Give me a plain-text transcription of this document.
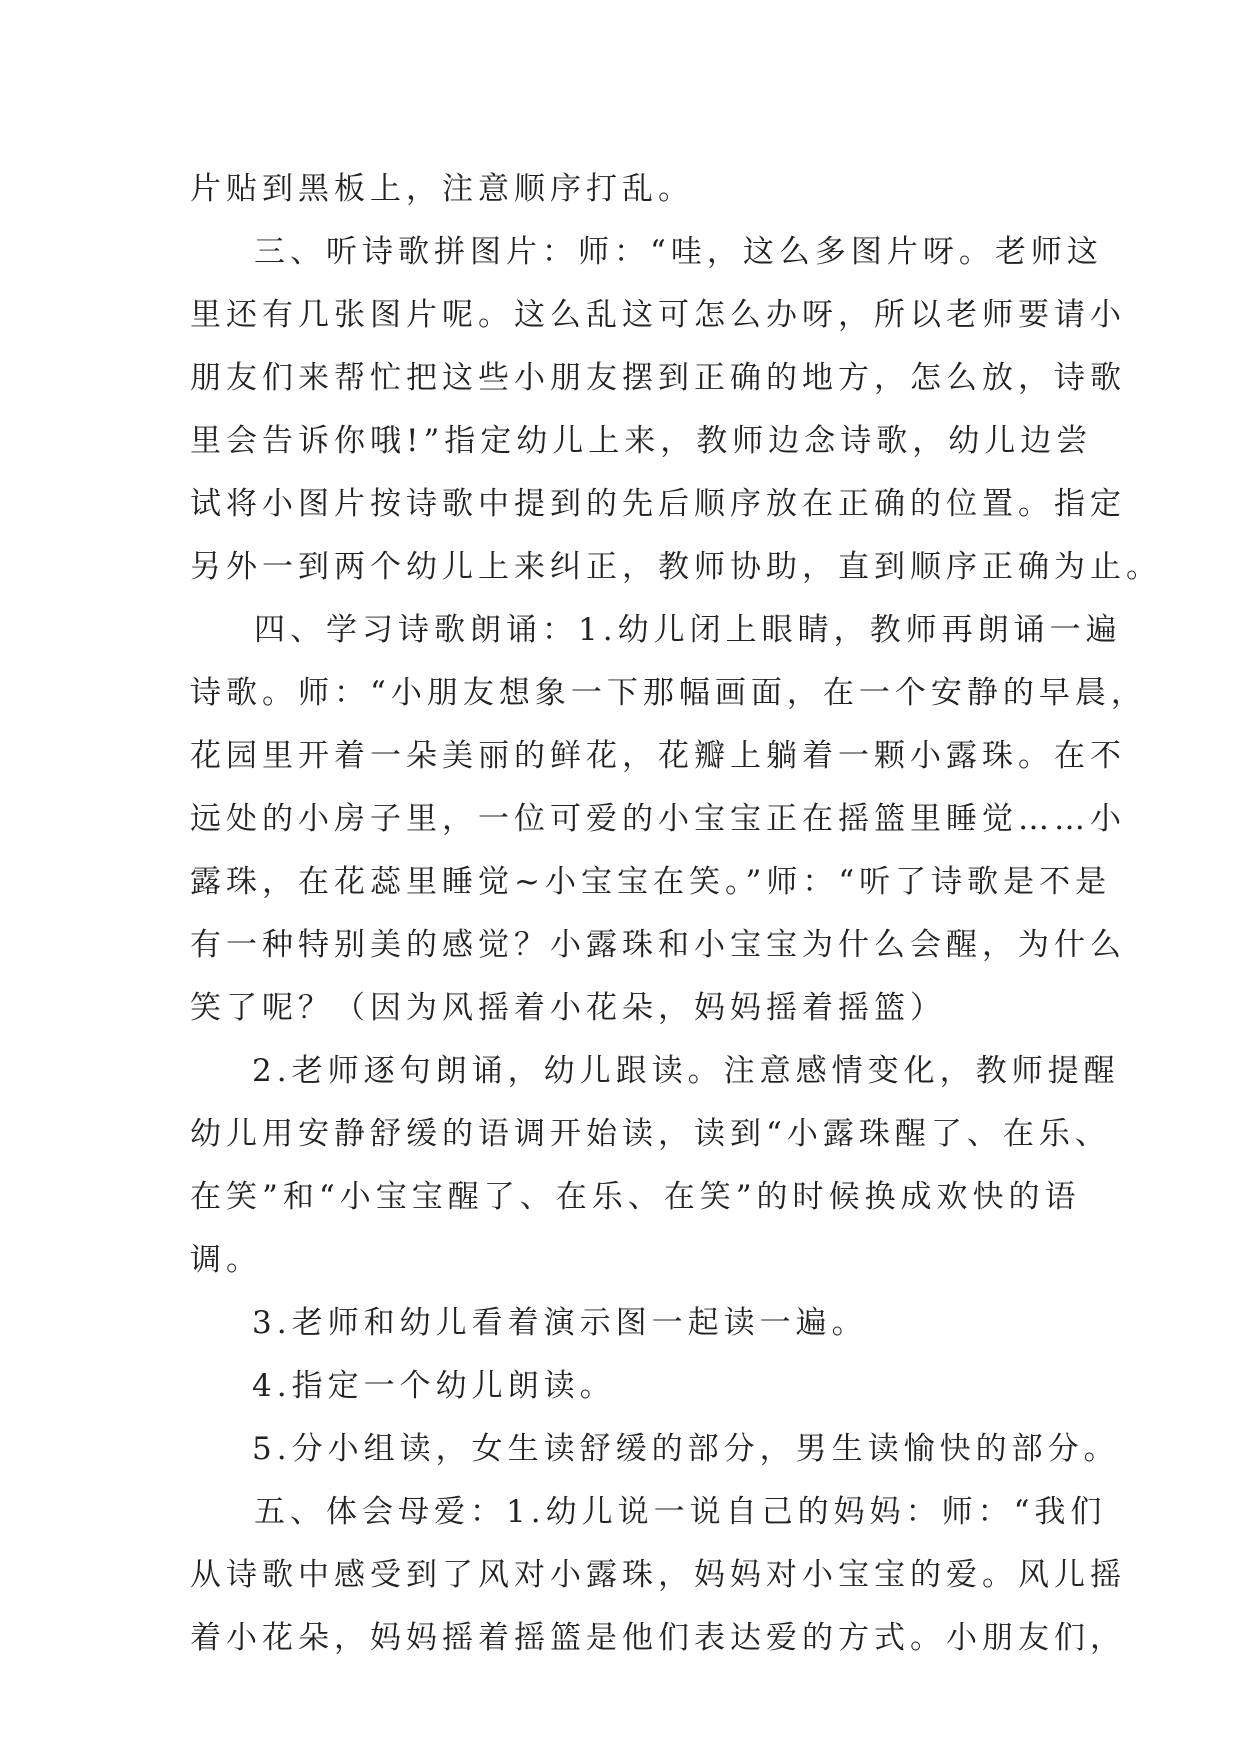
片贴到黑板上，注意顺序打乱。

三、听诗歌拼图片：师：“哇，这么多图片呀。老师这

里还有几张图片呢。这么乱这可怎么办呀，所以老师要请小

朋友们来帮忙把这些小朋友摆到正确的地方，怎么放，诗歌

里会告诉你哦!”指定幼儿上来，教师边念诗歌，幼儿边尝

试将小图片按诗歌中提到的先后顺序放在正确的位置。指定

另外一到两个幼儿上来纠正，教师协助，直到顺序正确为止。

四、学习诗歌朗诵：1.幼儿闭上眼睛，教师再朗诵一遍

诗歌。师：“小朋友想象一下那幅画面，在一个安静的早晨，

花园里开着一朵美丽的鲜花，花瓣上躺着一颗小露珠。在不

远处的小房子里，一位可爱的小宝宝正在摇篮里睡觉……小

露珠，在花蕊里睡觉~小宝宝在笑。”师：“听了诗歌是不是

有一种特别美的感觉？小露珠和小宝宝为什么会醒，为什么

笑了呢？（因为风摇着小花朵，妈妈摇着摇篮）

2.老师逐句朗诵，幼儿跟读。注意感情变化，教师提醒

幼儿用安静舒缓的语调开始读，读到“小露珠醒了、在乐、

在笑”和“小宝宝醒了、在乐、在笑”的时候换成欢快的语

调。

3.老师和幼儿看着演示图一起读一遍。

4.指定一个幼儿朗读。

5.分小组读，女生读舒缓的部分，男生读愉快的部分。

五、体会母爱：1.幼儿说一说自己的妈妈：师：“我们

从诗歌中感受到了风对小露珠，妈妈对小宝宝的爱。风儿摇

着小花朵，妈妈摇着摇篮是他们表达爱的方式。小朋友们，
